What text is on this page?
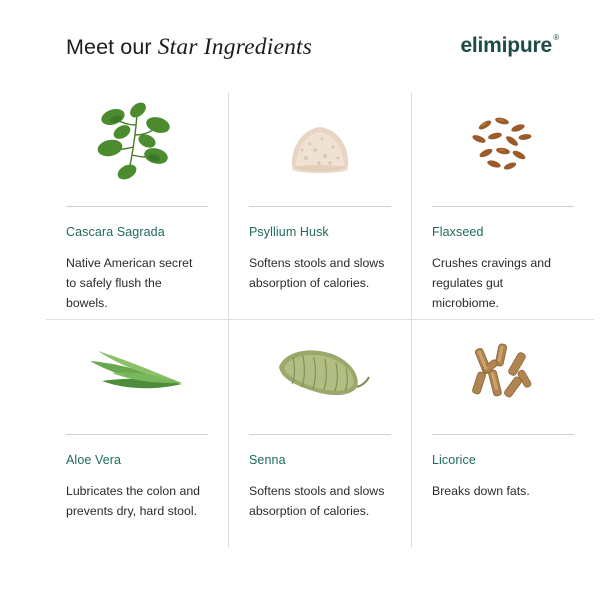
Meet our Star Ingredients	elimipure ®
Cascara Sagrada
Native American secret to safely flush the bowels.
Psyllium Husk
Softens stools and slows absorption of calories.
Flaxseed
Crushes cravings and regulates gut microbiome.
Aloe Vera
Lubricates the colon and prevents dry, hard stool.
Senna
Softens stools and slows absorption of calories.
Licorice
Breaks down fats.
